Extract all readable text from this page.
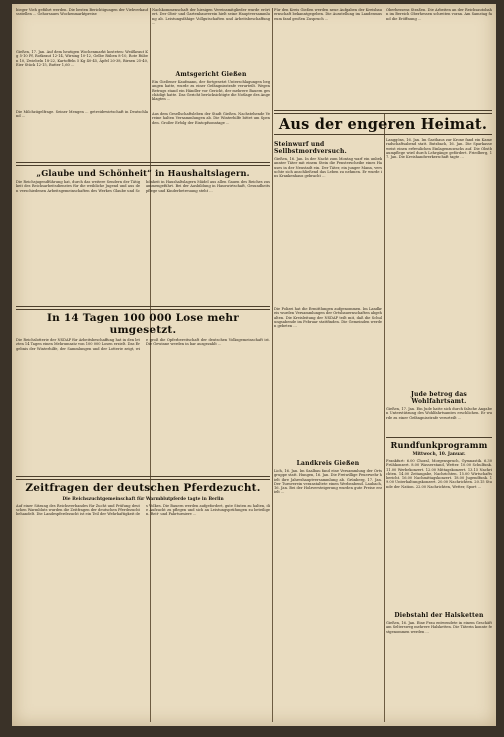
hieger Vieh geführt werden. Die besten Berichtigungen der Viehverkaufssstellen ... Gehorsaues Wochenmarktpreise

Gießen, 17. Jan. Auf dem heutigen Wochenmarkt kosteten: Weißkraut Kg 5-10 Pf, Rotkraut 12-14, Wirsing 10-12, Gelbe Rüben 8-10, Rote Rüben 10, Zwiebeln 18-22, Kartoffeln 5 Kg 40-45, Äpfel 20-38, Birnen 25-40, Eier Stück 12-15, Butter 1,60 ...

Die Milchzügelfrage. Seiner Mengen ... getreidewirtschaft in Deutschland ...

„Glaube und Schönheit“ in Haushaltslagern.
Die Reichsjugendführung hat, durch das weitere Sendern der Tätigkeit des Reichsarbeitsdienstes für die weibliche Jugend und aus den verschiedenen Arbeitsgemeinschaften des Werkes Glaube und Schönheit in Haushaltslagern Mädel aus allen Gauen des Reiches zusammengeführt. Bei der Ausbildung in Hauswirtschaft, Gesundheitspflege und Kinderbetreuung steht ...
In 14 Tagen 100 000 Lose mehr umgesetzt.
Die Reichslotterie der NSDAP für Arbeitsbeschaffung hat in den letzten 14 Tagen einen Mehrumsatz von 100 000 Losen erzielt. Das Ergebnis der Winterhilfe, der Sammlungen und der Lotterie zeigt, wie groß die Opferbereitschaft der deutschen Volksgemeinschaft ist. Die Gewinne werden in bar ausgezahlt ...
Zeitfragen der deutschen Pferdezucht.
Die Reichszuchtgemeinschaft für Warmblutpferde tagte in Berlin
Auf einer Sitzung des Reichsverbandes für Zucht und Prüfung deutschen Warmbluts wurden die Zeitfragen der deutschen Pferdezucht behandelt. Die Landespferdezucht ist ein Teil der Wehrhaftigkeit des Volkes. Die Bauern werden aufgefordert, gute Stuten zu halten, die Aufzucht zu pflegen und sich an Leistungsprüfungen zu beteiligen. Reit- und Fahrturniere ...

Nachkommenschaft der hiesigen Vereinsmitglieder wurde erörtert. Der Obst- und Gartenbauverein hielt seine Hauptversammlung ab. Leistungsfähige Vollgutschaften und Arbeitsbeschaffung ...

Amtsgericht Gießen

Ein Gießener Kaufmann, der fortgesetzt Unterschlagungen begangen hatte, wurde zu einer Gefängnisstrafe verurteilt. Wegen Betrugs stand ein Händler vor Gericht, der mehrere Bauern geschädigt hatte. Das Gericht berücksichtigte die Notlage des Angeklagten ...

Aus dem Gesellschaftsleben der Stadt Gießen. Nachstehende Vereine halten Versammlungen ab. Die Winterhilfe bittet um Spenden. Großer Erfolg der Eintopfsonntage ...

Für den Kreis Gießen werden neue Aufgaben der Kreisbauernschaft bekanntgegeben. Die Ausstellung im Landesmuseum fand großen Zuspruch ...

Oberhessens Straßen. Die Arbeiten an der Reichsautobahn im Bereich Oberhessen schreiten voran. Am Samstag fand die Eröffnung ...

Aus der engeren Heimat.
Steinwurf und Sellbstmordversuch.

Gießen, 16. Jan. In der Nacht zum Montag warf ein unbekannter Täter mit einem Stein die Fensterscheibe eines Hauses in der Neustadt ein. Der Täter, ein junger Mann, versuchte sich anschließend das Leben zu nehmen. Er wurde ins Krankenhaus gebracht ...

Die Polizei hat die Ermittlungen aufgenommen. Im Landkreis wurden Versammlungen der Ortsbauernschaften abgehalten. Die Kreisleitung der NSDAP teilt mit, daß die Schulungsabende im Februar stattfinden. Die Gemeinden werden gebeten ...

Landkreis Gießen

Lich, 16. Jan. Im Saalbau fand eine Versammlung der Ortsgruppe statt. Hungen, 16. Jan. Die Freiwillige Feuerwehr hielt ihre Jahreshauptversammlung ab. Grünberg, 17. Jan. Der Turnverein veranstaltete einen Werbeabend. Laubach, 16. Jan. Bei der Holzversteigerung wurden gute Preise erzielt ...

Langgöns, 16. Jan. Im Gasthaus zur Krone fand ein Kameradschaftsabend statt. Butzbach, 16. Jan. Die Sparkasse weist einen erfreulichen Einlagenzuwachs auf. Die Obstbaumpflege wird durch Lehrgänge gefördert. Friedberg, 17. Jan. Die Kreishandwerkerschaft tagte ...

Jude betrog das Wohlfahrtsamt.

Gießen, 17. Jan. Ein Jude hatte sich durch falsche Angaben Unterstützung des Wohlfahrtsamtes erschlichen. Er wurde zu einer Gefängnisstrafe verurteilt ...

Rundfunkprogramm
Mittwoch, 10. Januar.

Frankfurt: 6.00 Choral, Morgenspruch, Gymnastik. 6.30 Frühkonzert. 8.00 Wasserstand, Wetter. 10.00 Schulfunk. 11.00 Werbekonzert. 12.00 Mittagskonzert. 13.15 Nachrichten. 14.00 Zeitangabe, Nachrichten. 15.00 Wirtschaftsbericht. 16.00 Nachmittagskonzert. 18.00 Jugendfunk. 19.00 Unterhaltungskonzert. 20.00 Nachrichten. 20.15 Stunde der Nation. 22.00 Nachrichten, Wetter, Sport ...

Diebstahl der Halsketten

Gießen, 16. Jan. Eine Frau entwendete in einem Geschäft am Seltersweg mehrere Halsketten. Die Täterin konnte festgenommen werden ...
